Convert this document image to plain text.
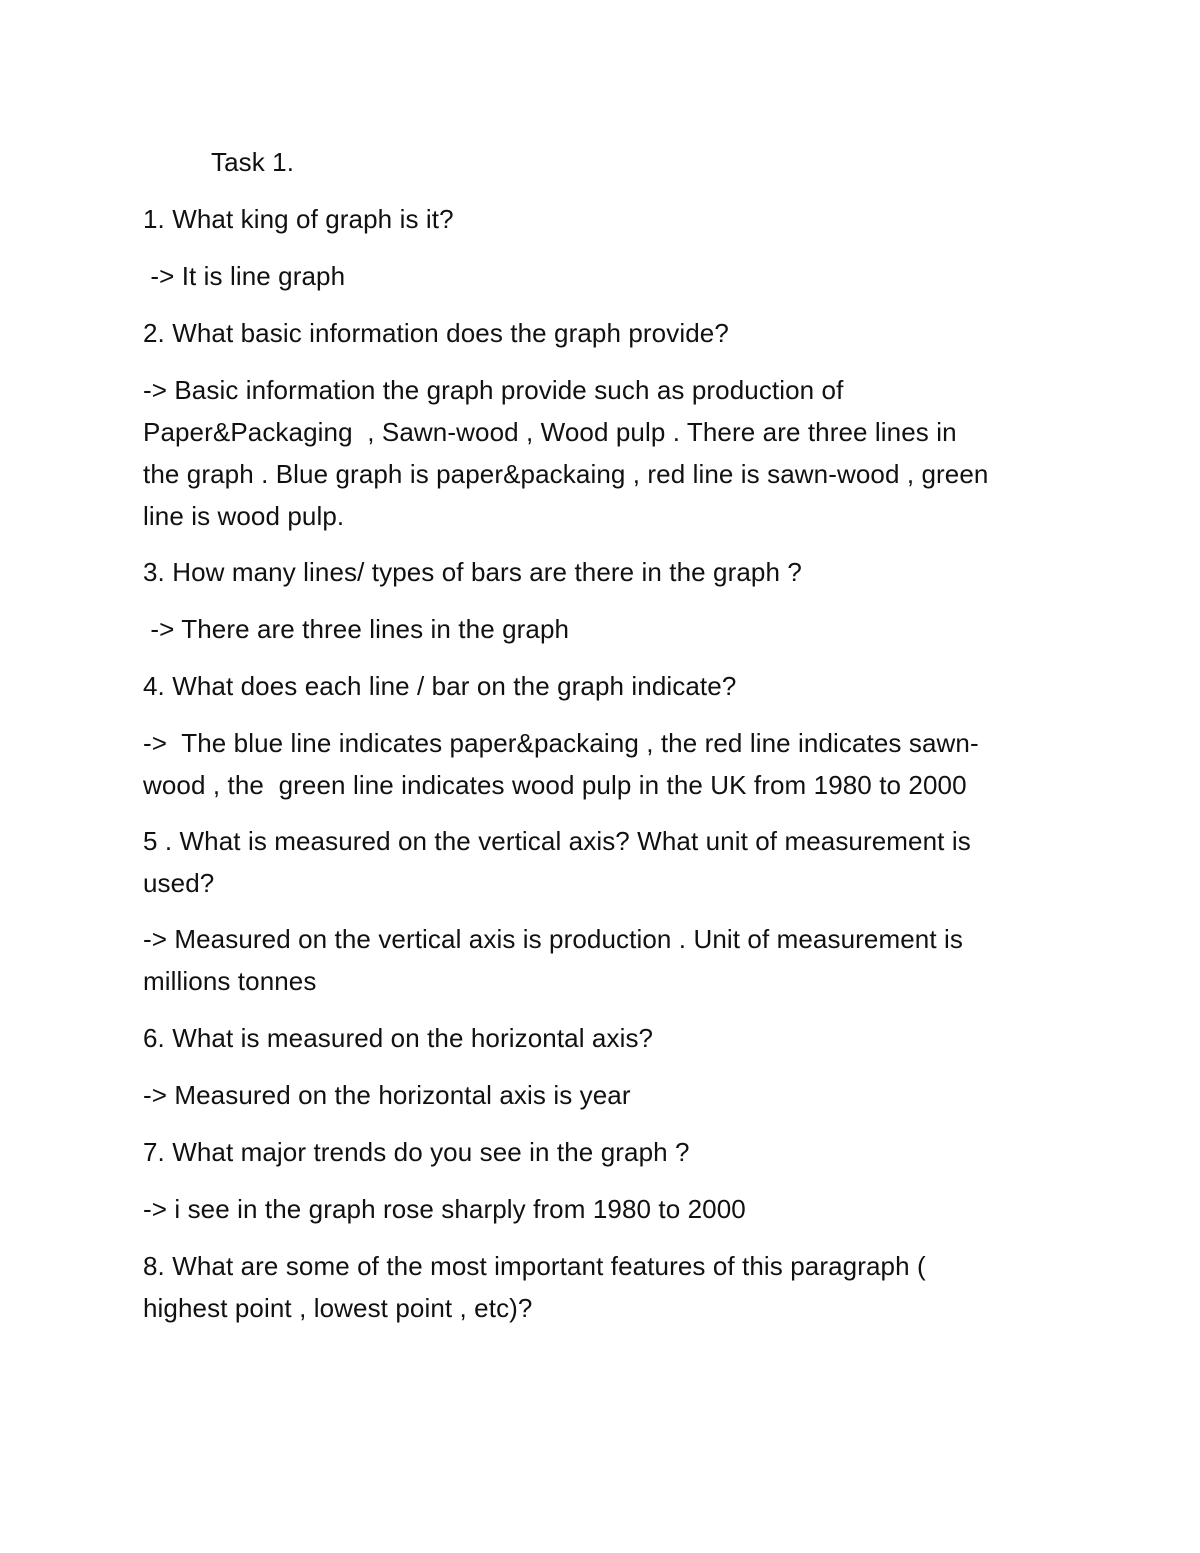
Task 1.

1. What king of graph is it?

-> It is line graph

2. What basic information does the graph provide?

-> Basic information the graph provide such as production of

Paper&Packaging  , Sawn-wood , Wood pulp . There are three lines in

the graph . Blue graph is paper&packaing , red line is sawn-wood , green

line is wood pulp.

3. How many lines/ types of bars are there in the graph ?

-> There are three lines in the graph

4. What does each line / bar on the graph indicate?

->  The blue line indicates paper&packaing , the red line indicates sawn-

wood , the  green line indicates wood pulp in the UK from 1980 to 2000

5 . What is measured on the vertical axis? What unit of measurement is

used?

-> Measured on the vertical axis is production . Unit of measurement is

millions tonnes

6. What is measured on the horizontal axis?

-> Measured on the horizontal axis is year

7. What major trends do you see in the graph ?

-> i see in the graph rose sharply from 1980 to 2000

8. What are some of the most important features of this paragraph (

highest point , lowest point , etc)?
